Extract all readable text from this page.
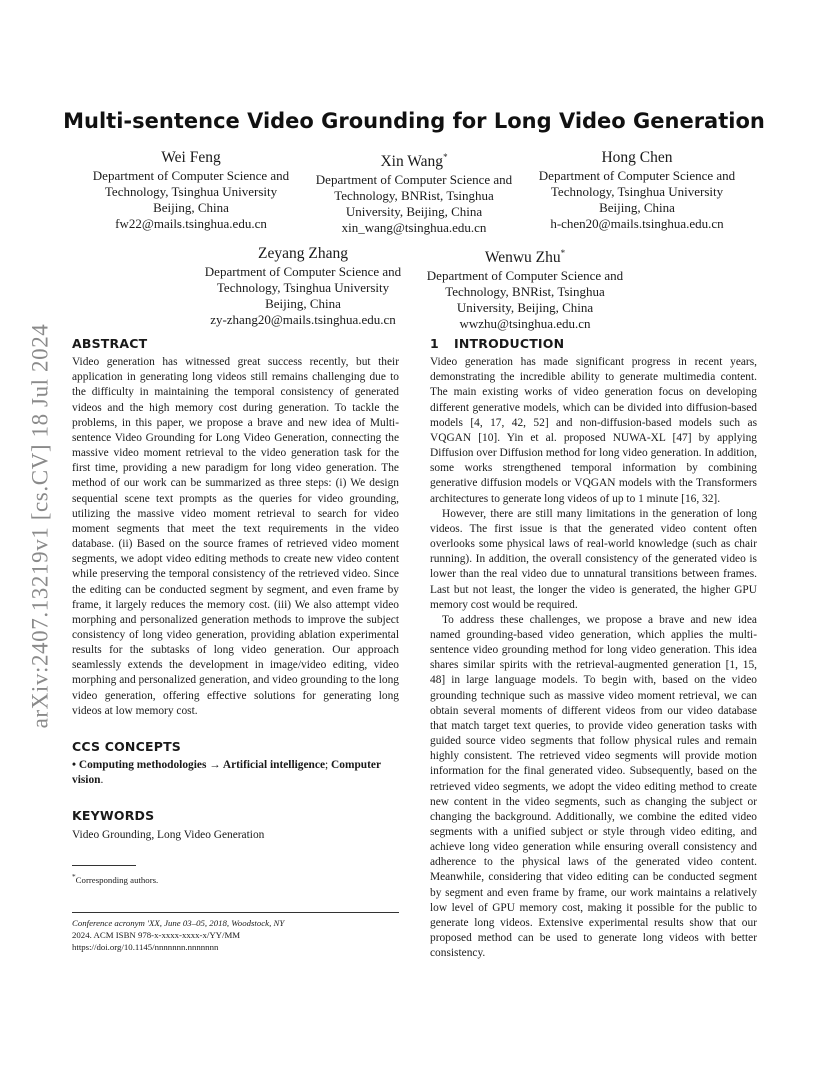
arXiv:2407.13219v1 [cs.CV] 18 Jul 2024
Multi-sentence Video Grounding for Long Video Generation
Wei Feng
Department of Computer Science and
Technology, Tsinghua University
Beijing, China
fw22@mails.tsinghua.edu.cn
Xin Wang*
Department of Computer Science and
Technology, BNRist, Tsinghua
University, Beijing, China
xin_wang@tsinghua.edu.cn
Hong Chen
Department of Computer Science and
Technology, Tsinghua University
Beijing, China
h-chen20@mails.tsinghua.edu.cn
Zeyang Zhang
Department of Computer Science and
Technology, Tsinghua University
Beijing, China
zy-zhang20@mails.tsinghua.edu.cn
Wenwu Zhu*
Department of Computer Science and
Technology, BNRist, Tsinghua
University, Beijing, China
wwzhu@tsinghua.edu.cn
ABSTRACT

Video generation has witnessed great success recently, but their application in generating long videos still remains challenging due to the difficulty in maintaining the temporal consistency of generated videos and the high memory cost during generation. To tackle the problems, in this paper, we propose a brave and new idea of Multi-sentence Video Grounding for Long Video Generation, connecting the massive video moment retrieval to the video generation task for the first time, providing a new paradigm for long video generation. The method of our work can be summarized as three steps: (i) We design sequential scene text prompts as the queries for video grounding, utilizing the massive video moment retrieval to search for video moment segments that meet the text requirements in the video database. (ii) Based on the source frames of retrieved video moment segments, we adopt video editing methods to create new video content while preserving the temporal consistency of the retrieved video. Since the editing can be conducted segment by segment, and even frame by frame, it largely reduces the memory cost. (iii) We also attempt video morphing and personalized generation methods to improve the subject consistency of long video generation, providing ablation experimental results for the subtasks of long video generation. Our approach seamlessly extends the development in image/video editing, video morphing and personalized generation, and video grounding to the long video generation, offering effective solutions for generating long videos at low memory cost.

CCS CONCEPTS

• Computing methodologies → Artificial intelligence; Computer vision.

KEYWORDS

Video Grounding, Long Video Generation

*Corresponding authors.

Conference acronym 'XX, June 03–05, 2018, Woodstock, NY

2024. ACM ISBN 978-x-xxxx-xxxx-x/YY/MM

https://doi.org/10.1145/nnnnnnn.nnnnnnn

1 INTRODUCTION

Video generation has made significant progress in recent years, demonstrating the incredible ability to generate multimedia content. The main existing works of video generation focus on developing different generative models, which can be divided into diffusion-based models [4, 17, 42, 52] and non-diffusion-based models such as VQGAN [10]. Yin et al. proposed NUWA-XL [47] by applying Diffusion over Diffusion method for long video generation. In addition, some works strengthened temporal information by combining generative diffusion models or VQGAN models with the Transformers architectures to generate long videos of up to 1 minute [16, 32].

However, there are still many limitations in the generation of long videos. The first issue is that the generated video content often overlooks some physical laws of real-world knowledge (such as chair running). In addition, the overall consistency of the generated video is lower than the real video due to unnatural transitions between frames. Last but not least, the longer the video is generated, the higher GPU memory cost would be required.

To address these challenges, we propose a brave and new idea named grounding-based video generation, which applies the multi-sentence video grounding method for long video generation. This idea shares similar spirits with the retrieval-augmented generation [1, 15, 48] in large language models. To begin with, based on the video grounding technique such as massive video moment retrieval, we can obtain several moments of different videos from our video database that match target text queries, to provide video generation tasks with guided source video segments that follow physical rules and remain highly consistent. The retrieved video segments will provide motion information for the final generated video. Subsequently, based on the retrieved video segments, we adopt the video editing method to create new content in the video segments, such as changing the subject or changing the background. Additionally, we combine the edited video segments with a unified subject or style through video editing, and achieve long video generation while ensuring overall consistency and adherence to the physical laws of the generated video content. Meanwhile, considering that video editing can be conducted segment by segment and even frame by frame, our work maintains a relatively low level of GPU memory cost, making it possible for the public to generate long videos. Extensive experimental results show that our proposed method can be used to generate long videos with better consistency.
